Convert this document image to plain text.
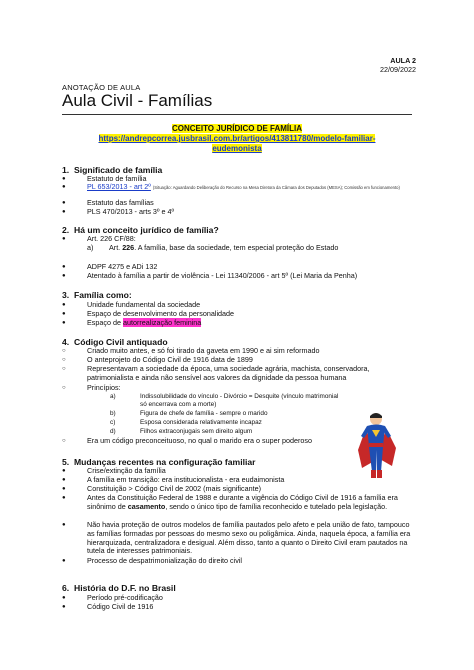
AULA 2
22/09/2022
ANOTAÇÃO DE AULA
Aula Civil - Famílias
CONCEITO JURÍDICO DE FAMÍLIA
https://andrepcorrea.jusbrasil.com.br/artigos/413811780/modelo-familiar-
eudemonista
1. Significado de família
●	Estatuto de família
●	PL 653/2013 - art 2º (Situação: Aguardando Deliberação do Recurso na Mesa Diretora da Câmara dos Deputados (MESA); Comissão em funcionamento)
●	Estatuto das famílias
●	PLS 470/2013 - arts 3º e 4º
2. Há um conceito jurídico de família?
●	Art. 226 CF/88:
a) Art. 226. A família, base da sociedade, tem especial proteção do Estado
●	ADPF 4275 e ADi 132
●	Atentado à família a partir de violência - Lei 11340/2006 - art 5º (Lei Maria da Penha)
3. Família como:
●	Unidade fundamental da sociedade
●	Espaço de desenvolvimento da personalidade
●	Espaço de autorrealização feminina
4. Código Civil antiquado
○	Criado muito antes, e só foi tirado da gaveta em 1990 e ai sim reformado
○	O anteprojeto do Código Civil de 1916 data de 1899
○	Representavam a sociedade da época, uma sociedade agrária, machista, conservadora, patrimonialista e ainda não sensível aos valores da dignidade da pessoa humana
○	Princípios:
a)	Indissolubilidade do vínculo - Divórcio = Desquite (vínculo matrimonial só encerrava com a morte)
b)	Figura de chefe de família - sempre o marido
c)	Esposa considerada relativamente incapaz
d)	Filhos extraconjugais sem direito algum
○	Era um código preconceituoso, no qual o marido era o super poderoso
5. Mudanças recentes na configuração familiar
●	Crise/extinção da família
●	A família em transição: era institucionalista - era eudaimonista
●	Constituição > Código Civil de 2002 (mais significante)
●	Antes da Constituição Federal de 1988 e durante a vigência do Código Civil de 1916 a família era sinônimo de casamento, sendo o único tipo de família reconhecido e tutelado pela legislação.
●	Não havia proteção de outros modelos de família pautados pelo afeto e pela união de fato, tampouco as famílias formadas por pessoas do mesmo sexo ou poligâmica. Ainda, naquela época, a família era hierarquizada, centralizadora e desigual. Além disso, tanto a quanto o Direito Civil eram pautados na tutela de interesses patrimoniais.
●	Processo de despatrimonialização do direito civil
6. História do D.F. no Brasil
●	Período pré-codificação
●	Código Civil de 1916
